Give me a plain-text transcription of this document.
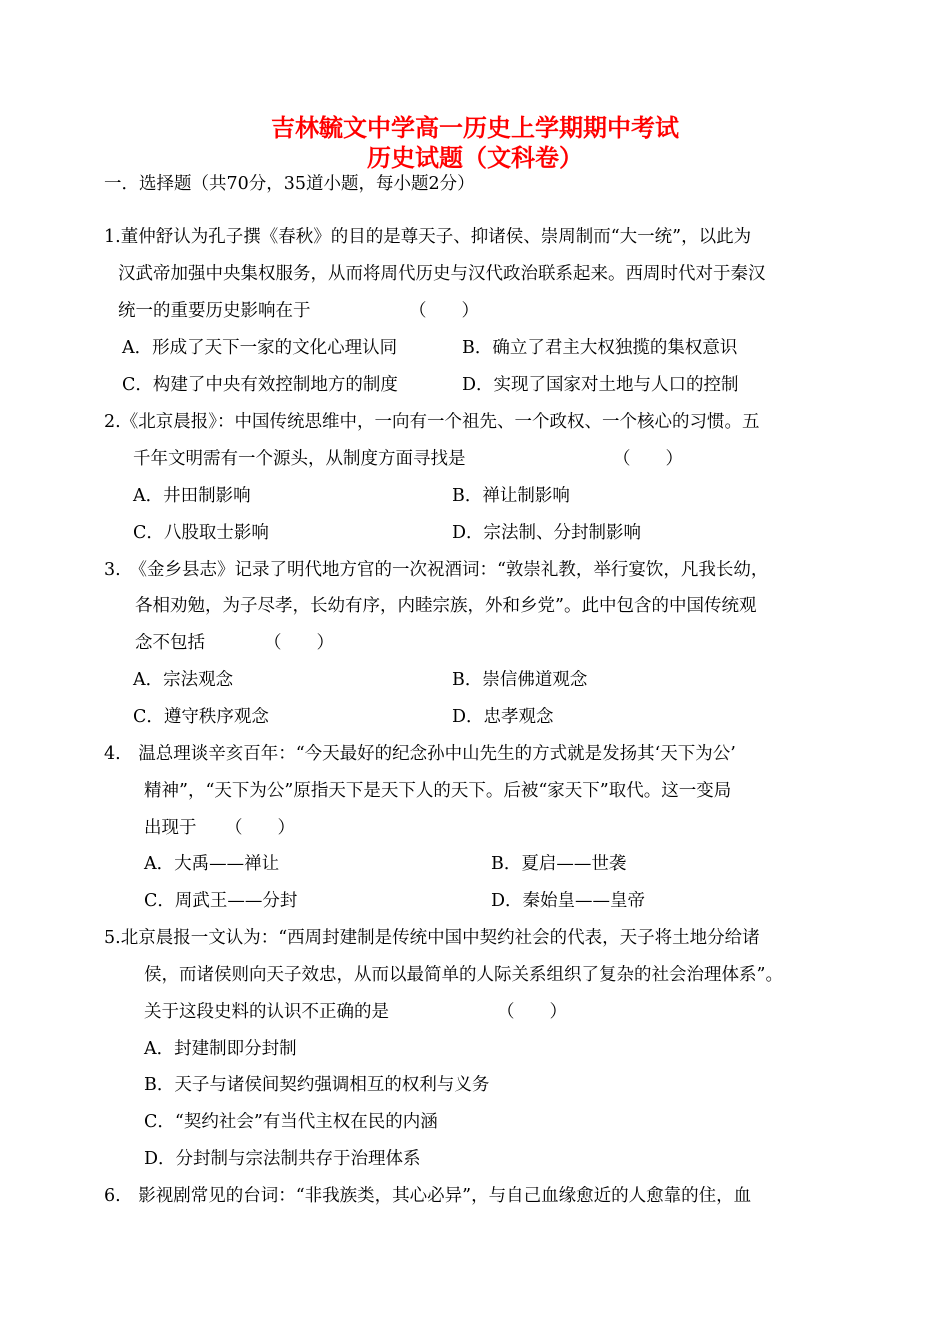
吉林毓文中学高一历史上学期期中考试
历史试题（文科卷）
一．选择题（共70分，35道小题，每小题2分）
1.董仲舒认为孔子撰《春秋》的目的是尊天子、抑诸侯、崇周制而“大一统”，以此为
汉武帝加强中央集权服务，从而将周代历史与汉代政治联系起来。西周时代对于秦汉
统一的重要历史影响在于	（　　）
A．形成了天下一家的文化心理认同	B．确立了君主大权独揽的集权意识
C．构建了中央有效控制地方的制度	D．实现了国家对土地与人口的控制
2.《北京晨报》：中国传统思维中，一向有一个祖先、一个政权、一个核心的习惯。五
千年文明需有一个源头，从制度方面寻找是	（　　）
A．井田制影响	B．禅让制影响
C．八股取士影响	D．宗法制、分封制影响
3.　《金乡县志》记录了明代地方官的一次祝酒词：“敦崇礼教，举行宴饮，凡我长幼，
各相劝勉，为子尽孝，长幼有序，内睦宗族，外和乡党”。此中包含的中国传统观
念不包括	（　　）
A．宗法观念	B．崇信佛道观念
C．遵守秩序观念	D．忠孝观念
4.　温总理谈辛亥百年：“今天最好的纪念孙中山先生的方式就是发扬其‘天下为公’
精神”，“天下为公”原指天下是天下人的天下。后被“家天下”取代。这一变局
出现于 （　　）
A．大禹——禅让	B．夏启——世袭
C．周武王——分封	D．秦始皇——皇帝
5.北京晨报一文认为：“西周封建制是传统中国中契约社会的代表，天子将土地分给诸
侯，而诸侯则向天子效忠，从而以最简单的人际关系组织了复杂的社会治理体系”。
关于这段史料的认识不正确的是	（　　）
A．封建制即分封制
B．天子与诸侯间契约强调相互的权利与义务
C．“契约社会”有当代主权在民的内涵
D．分封制与宗法制共存于治理体系
6.　影视剧常见的台词：“非我族类，其心必异”，与自己血缘愈近的人愈靠的住，血
